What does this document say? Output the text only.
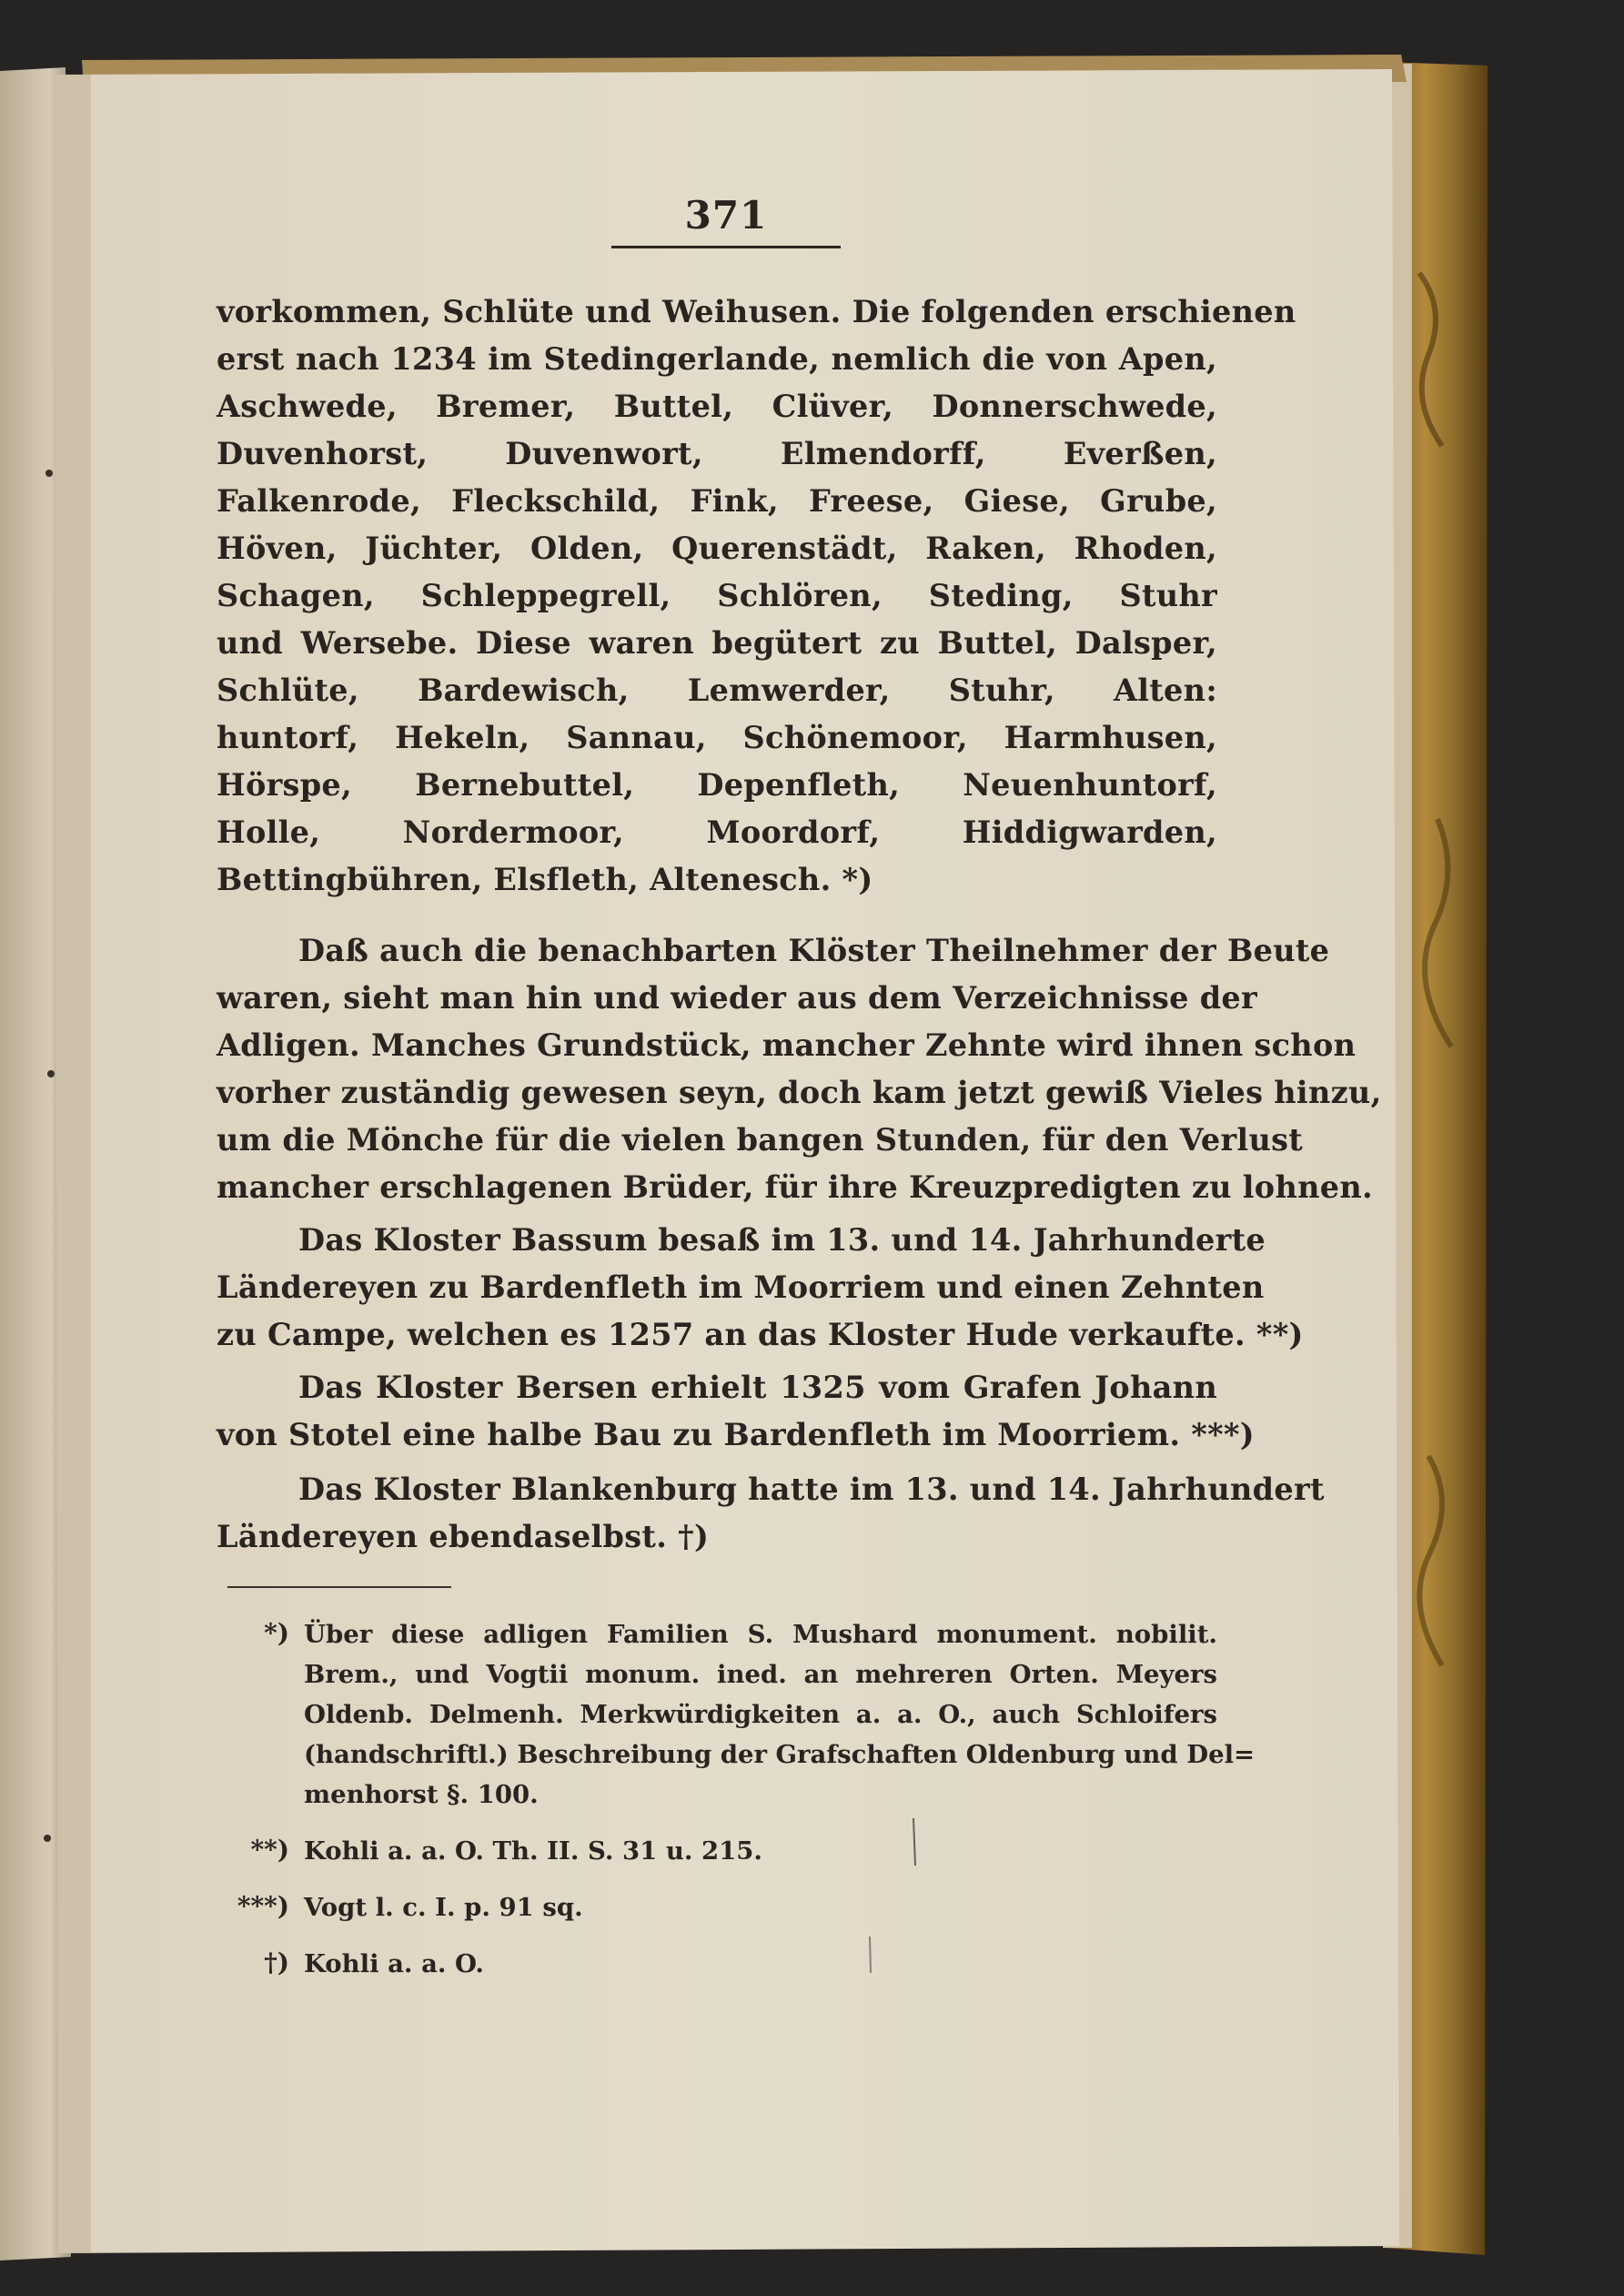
371
vorkommen, Schlüte und Weihusen. Die folgenden erschienen
erst nach 1234 im Stedingerlande, nemlich die von Apen,
Aschwede, Bremer, Buttel, Clüver, Donnerschwede,
Duvenhorst, Duvenwort, Elmendorff, Everßen,
Falkenrode, Fleckschild, Fink, Freese, Giese, Grube,
Höven, Jüchter, Olden, Querenstädt, Raken, Rhoden,
Schagen, Schleppegrell, Schlören, Steding, Stuhr
und Wersebe. Diese waren begütert zu Buttel, Dalsper,
Schlüte, Bardewisch, Lemwerder, Stuhr, Alten:
huntorf, Hekeln, Sannau, Schönemoor, Harmhusen,
Hörspe, Bernebuttel, Depenfleth, Neuenhuntorf,
Holle, Nordermoor, Moordorf, Hiddigwarden,
Bettingbühren, Elsfleth, Altenesch. *)
Daß auch die benachbarten Klöster Theilnehmer der Beute
waren, sieht man hin und wieder aus dem Verzeichnisse der
Adligen. Manches Grundstück, mancher Zehnte wird ihnen schon
vorher zuständig gewesen seyn, doch kam jetzt gewiß Vieles hinzu,
um die Mönche für die vielen bangen Stunden, für den Verlust
mancher erschlagenen Brüder, für ihre Kreuzpredigten zu lohnen.
Das Kloster Bassum besaß im 13. und 14. Jahrhunderte
Ländereyen zu Bardenfleth im Moorriem und einen Zehnten
zu Campe, welchen es 1257 an das Kloster Hude verkaufte. **)
Das Kloster Bersen erhielt 1325 vom Grafen Johann
von Stotel eine halbe Bau zu Bardenfleth im Moorriem. ***)
Das Kloster Blankenburg hatte im 13. und 14. Jahrhundert
Ländereyen ebendaselbst. †)
*) Über diese adligen Familien S. Mushard monument. nobilit.
Brem., und Vogtii monum. ined. an mehreren Orten. Meyers
Oldenb. Delmenh. Merkwürdigkeiten a. a. O., auch Schloifers
(handschriftl.) Beschreibung der Grafschaften Oldenburg und Del=
menhorst §. 100.
**) Kohli a. a. O. Th. II. S. 31 u. 215.
***) Vogt l. c. I. p. 91 sq.
†) Kohli a. a. O.
